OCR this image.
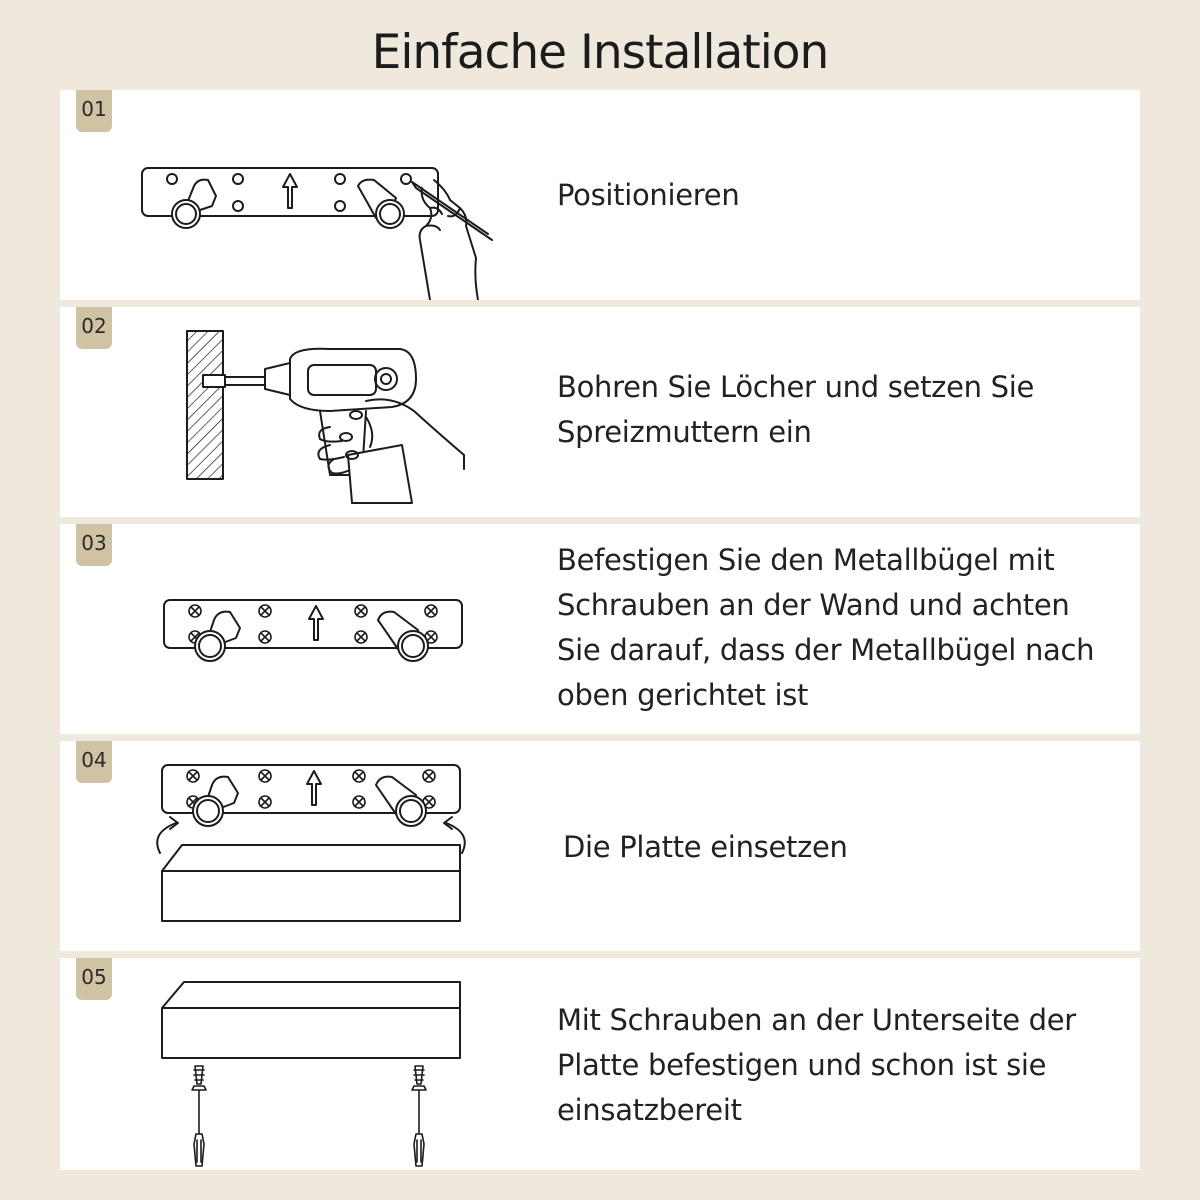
Einfache Installation
01
Positionieren
02
Bohren Sie Löcher und setzen Sie Spreizmuttern ein
03	Befestigen Sie den Metallbügel mit Schrauben an der Wand und achten Sie darauf, dass der Metallbügel nach oben gerichtet ist
04
Die Platte einsetzen
05
Mit Schrauben an der Unterseite der Platte befestigen und schon ist sie einsatzbereit
